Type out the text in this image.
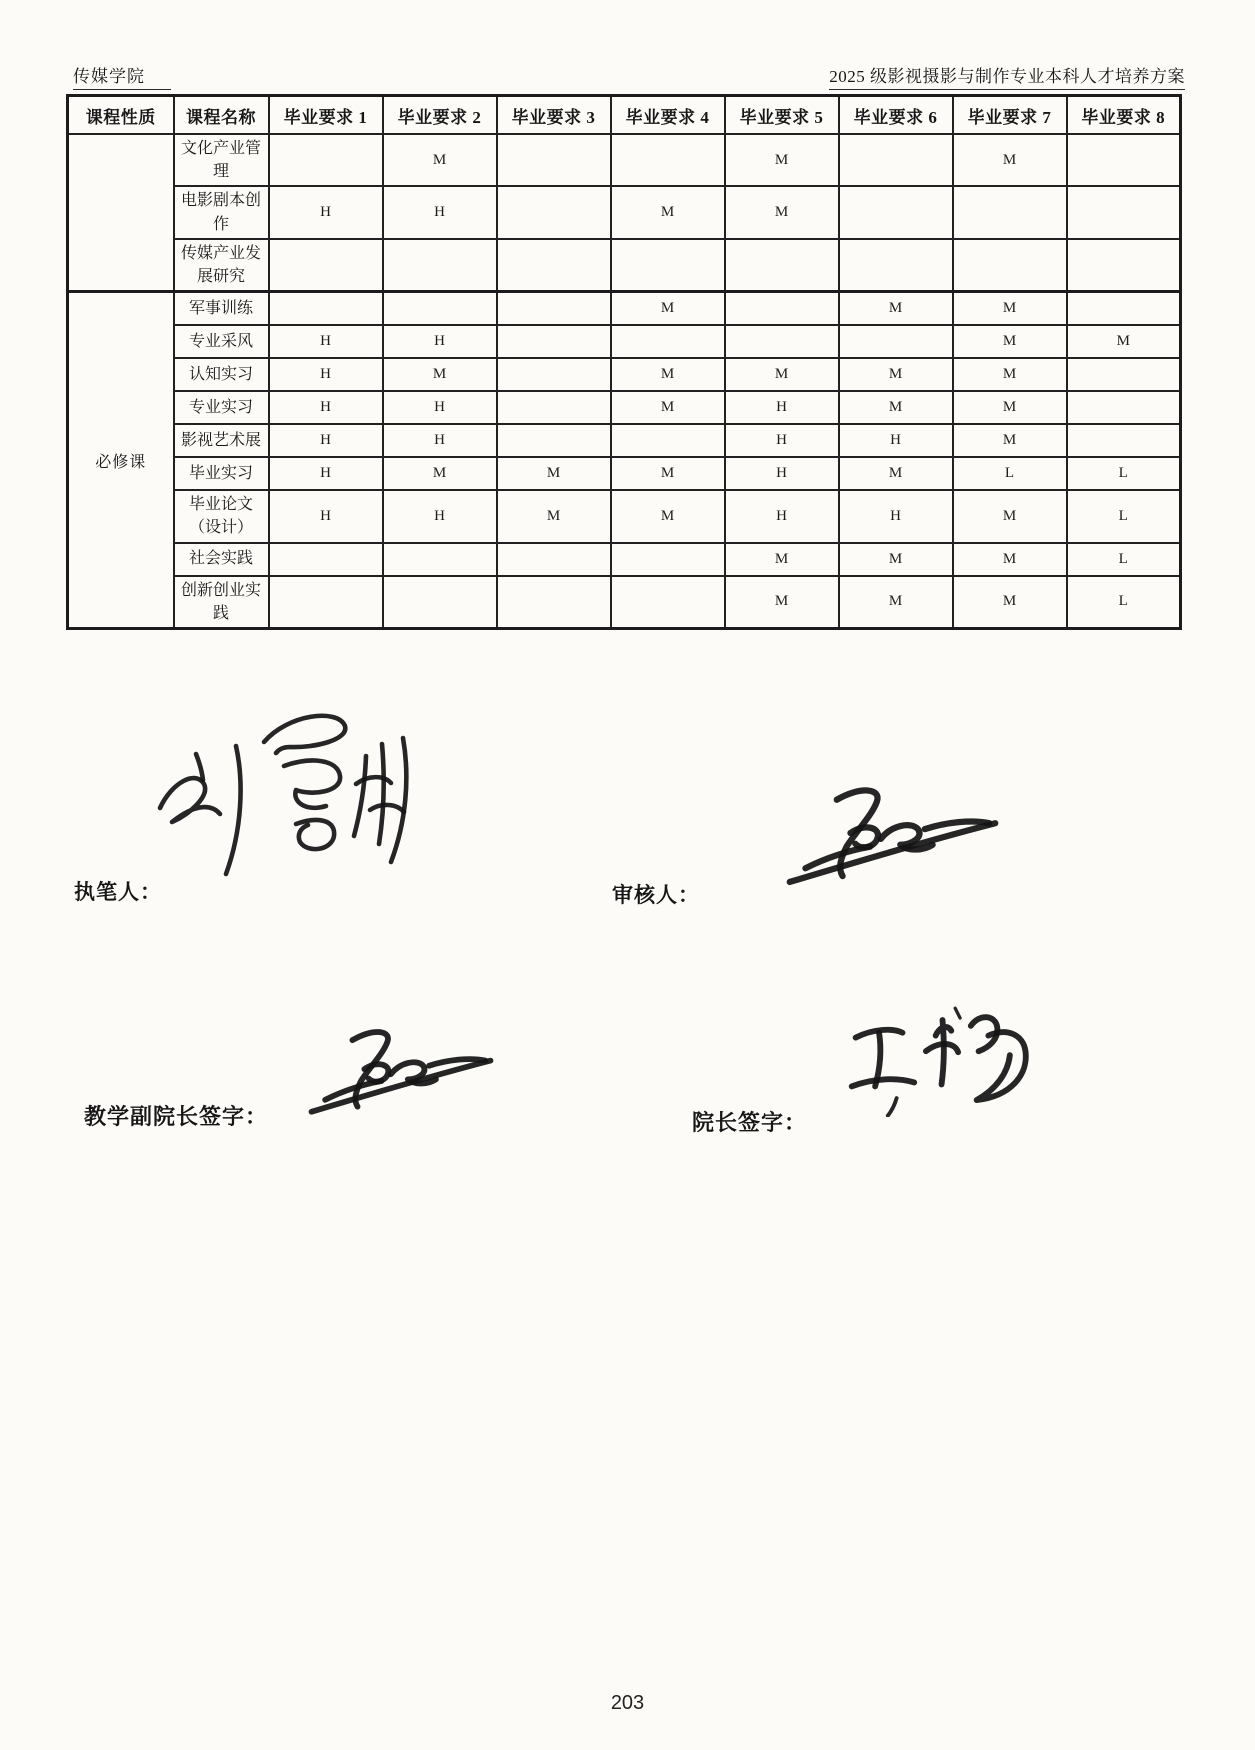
传媒学院	2025 级影视摄影与制作专业本科人才培养方案
课程性质	课程名称	毕业要求 1	毕业要求 2	毕业要求 3	毕业要求 4	毕业要求 5	毕业要求 6	毕业要求 7	毕业要求 8
	文化产业管理		M			M		M	
	电影剧本创作	H	H		M	M			
	传媒产业发展研究								
必修课	军事训练				M		M	M	
	专业采风	H	H					M	M
	认知实习	H	M		M	M	M	M	
	专业实习	H	H		M	H	M	M	
	影视艺术展	H	H			H	H	M	
	毕业实习	H	M	M	M	H	M	L	L
	毕业论文（设计）	H	H	M	M	H	H	M	L
	社会实践					M	M	M	L
	创新创业实践					M	M	M	L
执笔人：	审核人：
教学副院长签字：	院长签字：
203
